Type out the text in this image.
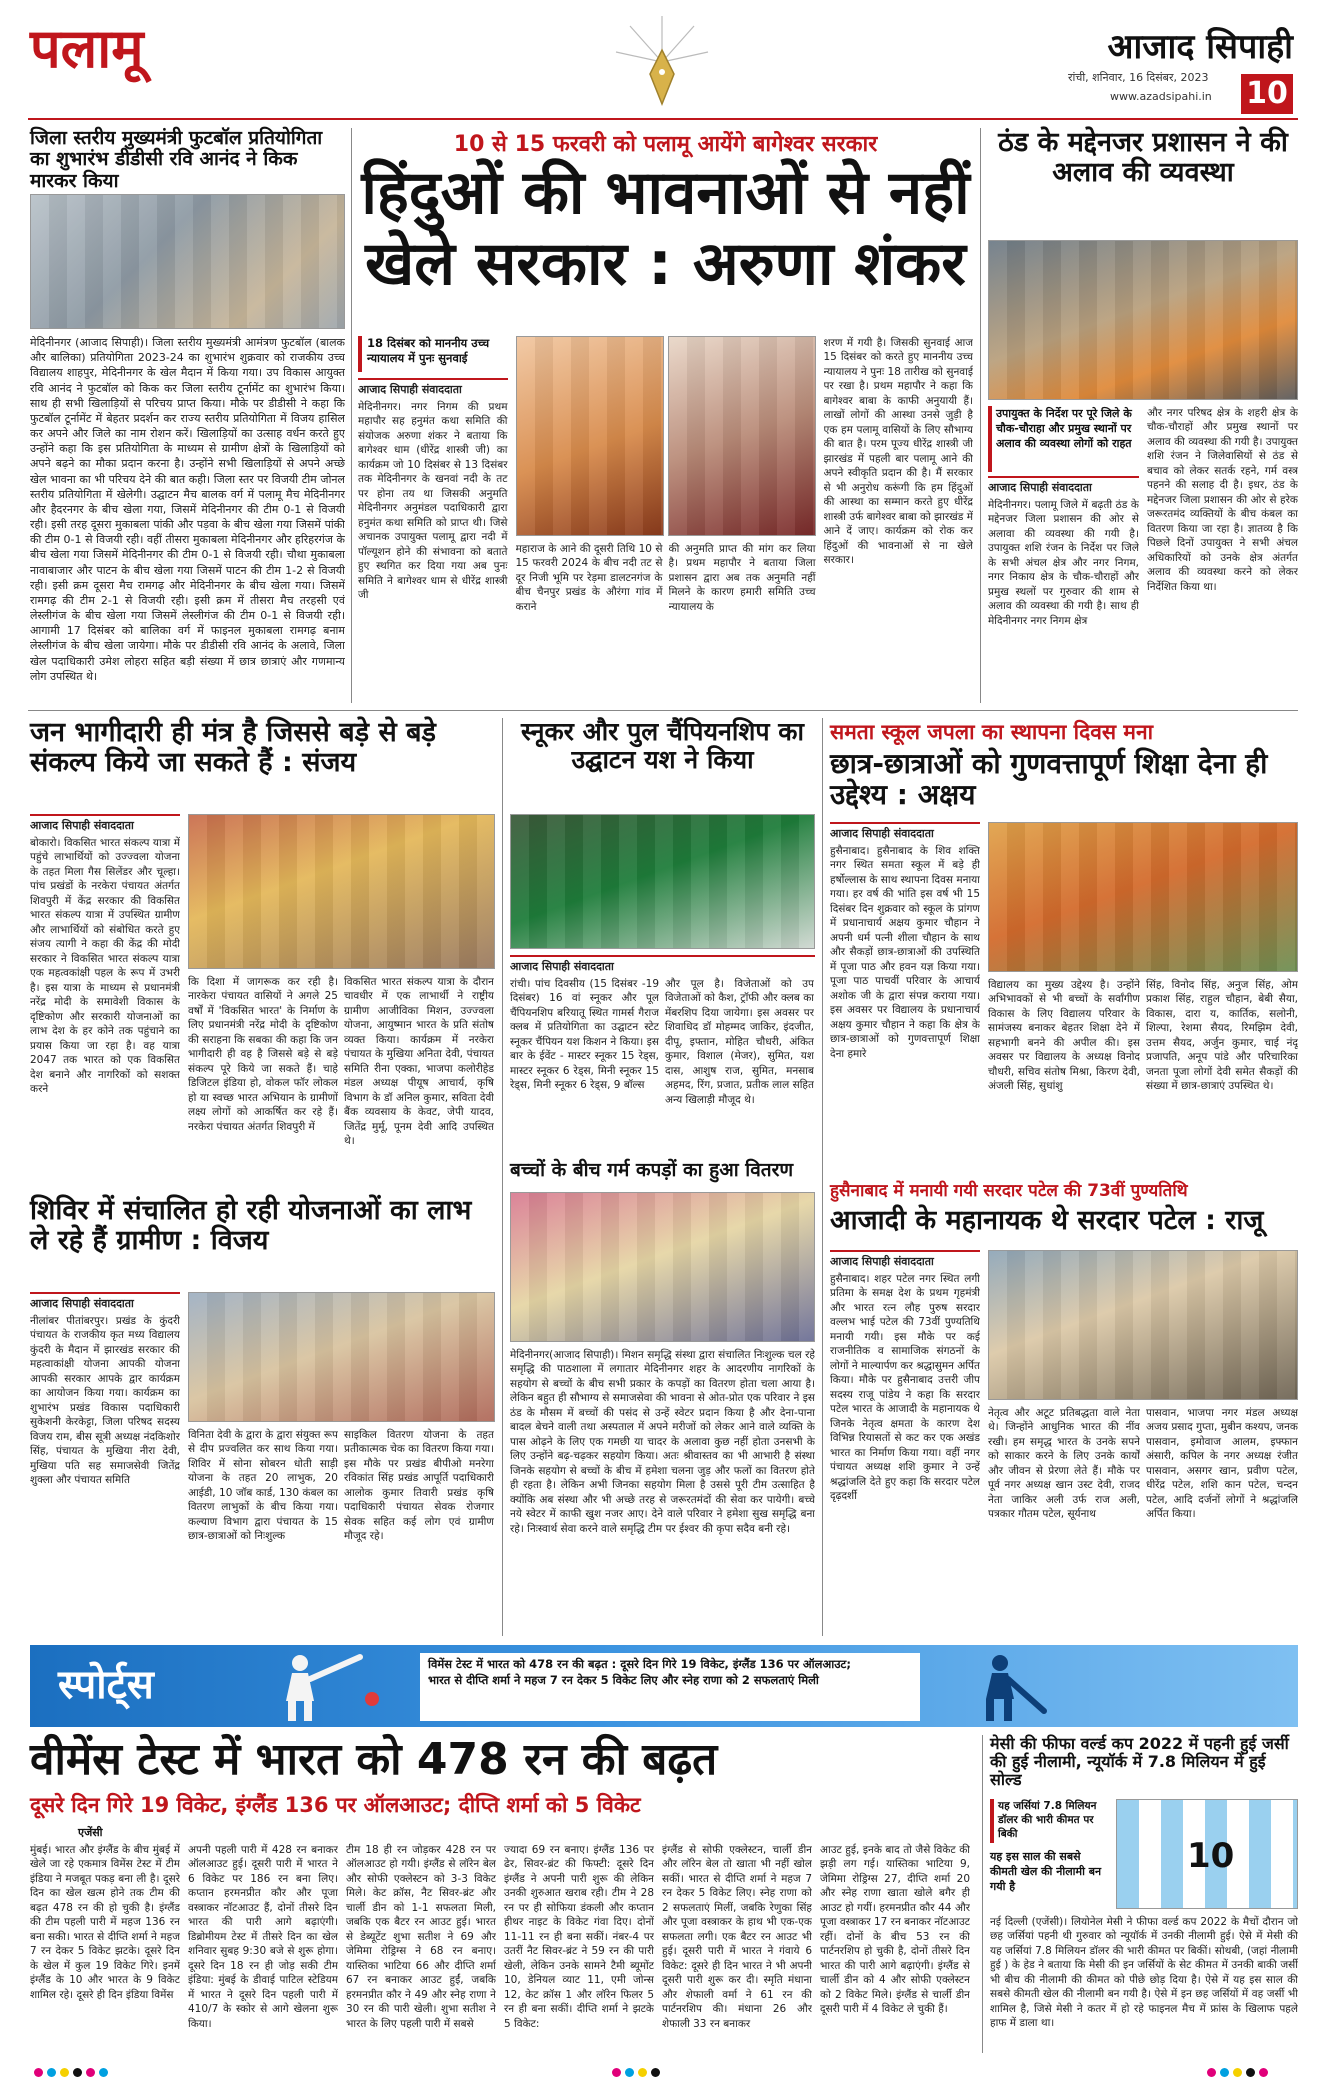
पलामू	आजाद सिपाही
रांची, शनिवार, 16 दिसंबर, 2023
www.azadsipahi.in 10
जिला स्तरीय मुख्यमंत्री फुटबॉल प्रतियोगिता का शुभारंभ डीडीसी रवि आनंद ने किक मारकर किया
मेदिनीनगर (आजाद सिपाही)। जिला स्तरीय मुख्यमंत्री आमंत्रण फुटबॉल (बालक और बालिका) प्रतियोगिता 2023-24 का शुभारंभ शुक्रवार को राजकीय उच्च विद्यालय शाहपुर, मेदिनीनगर के खेल मैदान में किया गया। उप विकास आयुक्त रवि आनंद ने फुटबॉल को किक कर जिला स्तरीय टूर्नामेंट का शुभारंभ किया। साथ ही सभी खिलाड़ियों से परिचय प्राप्त किया। मौके पर डीडीसी ने कहा कि फुटबॉल टूर्नामेंट में बेहतर प्रदर्शन कर राज्य स्तरीय प्रतियोगिता में विजय हासिल कर अपने और जिले का नाम रोशन करें। खिलाड़ियों का उत्साह वर्धन करते हुए उन्होंने कहा कि इस प्रतियोगिता के माध्यम से ग्रामीण क्षेत्रों के खिलाड़ियों को अपने बढ़ने का मौका प्रदान करना है। उन्होंने सभी खिलाड़ियों से अपने अच्छे खेल भावना का भी परिचय देने की बात कही। जिला स्तर पर विजयी टीम जोनल स्तरीय प्रतियोगिता में खेलेगी। उद्घाटन मैच बालक वर्ग में पलामू मैच मेदिनीनगर और हैदरनगर के बीच खेला गया, जिसमें मेदिनीनगर की टीम 0-1 से विजयी रही। इसी तरह दूसरा मुकाबला पांकी और पड़वा के बीच खेला गया जिसमें पांकी की टीम 0-1 से विजयी रही। वहीं तीसरा मुकाबला मेदिनीनगर और हरिहरगंज के बीच खेला गया जिसमें मेदिनीनगर की टीम 0-1 से विजयी रही। चौथा मुकाबला नावाबाजार और पाटन के बीच खेला गया जिसमें पाटन की टीम 1-2 से विजयी रही। इसी क्रम दूसरा मैच रामगढ़ और मेदिनीनगर के बीच खेला गया। जिसमें रामगढ़ की टीम 2-1 से विजयी रही। इसी क्रम में तीसरा मैच तरहसी एवं लेस्लीगंज के बीच खेला गया जिसमें लेस्लीगंज की टीम 0-1 से विजयी रही। आगामी 17 दिसंबर को बालिका वर्ग में फाइनल मुकाबला रामगढ़ बनाम लेस्लीगंज के बीच खेला जायेगा। मौके पर डीडीसी रवि आनंद के अलावे, जिला खेल पदाधिकारी उमेश लोहरा सहित बड़ी संख्या में छात्र छात्राएं और गणमान्य लोग उपस्थित थे।
10 से 15 फरवरी को पलामू आयेंगे बागेश्वर सरकार
हिंदुओं की भावनाओं से नहीं खेले सरकार : अरुणा शंकर
18 दिसंबर को माननीय उच्च न्यायालय में पुनः सुनवाई
आजाद सिपाही संवाददाता
मेदिनीनगर। नगर निगम की प्रथम महापौर सह हनुमंत कथा समिति की संयोजक अरुणा शंकर ने बताया कि बागेश्वर धाम (धीरेंद्र शास्त्री जी) का कार्यक्रम जो 10 दिसंबर से 13 दिसंबर तक मेदिनीनगर के खनवां नदी के तट पर होना तय था जिसकी अनुमति मेदिनीनगर अनुमंडल पदाधिकारी द्वारा हनुमंत कथा समिति को प्राप्त थी। जिसे अचानक उपायुक्त पलामू द्वारा नदी में पॉल्यूशन होने की संभावना को बताते हुए स्थगित कर दिया गया अब पुनः समिति ने बागेश्वर धाम से धीरेंद्र शास्त्री जी
महाराज के आने की दूसरी तिथि 10 से 15 फरवरी 2024 के बीच नदी तट से दूर निजी भूमि पर रेड़मा डालटनगंज के बीच चैनपुर प्रखंड के औरंगा गांव में कराने
की अनुमति प्राप्त की मांग कर लिया है। प्रथम महापौर ने बताया जिला प्रशासन द्वारा अब तक अनुमति नहीं मिलने के कारण हमारी समिति उच्च न्यायालय के
शरण में गयी है। जिसकी सुनवाई आज 15 दिसंबर को करते हुए माननीय उच्च न्यायालय ने पुनः 18 तारीख को सुनवाई पर रखा है। प्रथम महापौर ने कहा कि बागेश्वर बाबा के काफी अनुयायी हैं। लाखों लोगों की आस्था उनसे जुड़ी है एक हम पलामू वासियों के लिए सौभाग्य की बात है। परम पूज्य धीरेंद्र शास्त्री जी झारखंड में पहली बार पलामू आने की अपने स्वीकृति प्रदान की है। मैं सरकार से भी अनुरोध करूंगी कि हम हिंदुओं की आस्था का सम्मान करते हुए धीरेंद्र शास्त्री उर्फ बागेश्वर बाबा को झारखंड में आने दें जाए। कार्यक्रम को रोक कर हिंदुओं की भावनाओं से ना खेले सरकार।
ठंड के मद्देनजर प्रशासन ने की अलाव की व्यवस्था
उपायुक्त के निर्देश पर पूरे जिले के चौक-चौराहा और प्रमुख स्थानों पर अलाव की व्यवस्था लोगों को राहत
आजाद सिपाही संवाददाता
मेदिनीनगर। पलामू जिले में बढ़ती ठंड के मद्देनजर जिला प्रशासन की ओर से अलावा की व्यवस्था की गयी है। उपायुक्त शशि रंजन के निर्देश पर जिले के सभी अंचल क्षेत्र और नगर निगम, नगर निकाय क्षेत्र के चौक-चौराहों और प्रमुख स्थलों पर गुरुवार की शाम से अलाव की व्यवस्था की गयी है। साथ ही मेदिनीनगर नगर निगम क्षेत्र
और नगर परिषद क्षेत्र के शहरी क्षेत्र के चौक-चौराहों और प्रमुख स्थानों पर अलाव की व्यवस्था की गयी है। उपायुक्त शशि रंजन ने जिलेवासियों से ठंड से बचाव को लेकर सतर्क रहने, गर्म वस्त्र पहनने की सलाह दी है। इधर, ठंड के मद्देनजर जिला प्रशासन की ओर से हरेक जरूरतमंद व्यक्तियों के बीच कंबल का वितरण किया जा रहा है। ज्ञातव्य है कि पिछले दिनों उपायुक्त ने सभी अंचल अधिकारियों को उनके क्षेत्र अंतर्गत अलाव की व्यवस्था करने को लेकर निर्देशित किया था।
जन भागीदारी ही मंत्र है जिससे बड़े से बड़े संकल्प किये जा सकते हैं : संजय
आजाद सिपाही संवाददाता
बोकारो। विकसित भारत संकल्प यात्रा में पहुंचे लाभार्थियों को उज्ज्वला योजना के तहत मिला गैस सिलेंडर और चूल्हा। पांच प्रखंडों के नरकेरा पंचायत अंतर्गत शिवपुरी में केंद्र सरकार की विकसित भारत संकल्प यात्रा में उपस्थित ग्रामीण और लाभार्थियों को संबोधित करते हुए संजय त्यागी ने कहा की केंद्र की मोदी सरकार ने विकसित भारत संकल्प यात्रा एक महत्वकांक्षी पहल के रूप में उभरी है। इस यात्रा के माध्यम से प्रधानमंत्री नरेंद्र मोदी के समावेशी विकास के दृष्टिकोण और सरकारी योजनाओं का लाभ देश के हर कोने तक पहुंचाने का प्रयास किया जा रहा है। वह यात्रा 2047 तक भारत को एक विकसित देश बनाने और नागरिकों को सशक्त करने
कि दिशा में जागरूक कर रही है। नारकेरा पंचायत वासियों ने अगले 25 वर्षों में 'विकसित भारत' के निर्माण के लिए प्रधानमंत्री नरेंद्र मोदी के दृष्टिकोण की सराहना कि सबका की कहा कि जन भागीदारी ही वह है जिससे बड़े से बड़े संकल्प पूरे किये जा सकते हैं। चाहे डिजिटल इंडिया हो, वोकल फॉर लोकल हो या स्वच्छ भारत अभियान के ग्रामीणों लक्ष्य लोगों को आकर्षित कर रहे हैं। नरकेरा पंचायत अंतर्गत शिवपुरी में
विकसित भारत संकल्प यात्रा के दौरान चावधीर में एक लाभार्थी ने राष्ट्रीय ग्रामीण आजीविका मिशन, उज्ज्वला योजना, आयुष्मान भारत के प्रति संतोष व्यक्त किया। कार्यक्रम में नरकेरा पंचायत के मुखिया अनिता देवी, पंचायत समिति रीना एक्का, भाजपा कलोरीहेड मंडल अध्यक्ष पीयूष आचार्य, कृषि विभाग के डॉ अनिल कुमार, सविता देवी बैंक व्यवसाय के केवट, जेपी यादव, जितेंद्र मुर्मू, पूनम देवी आदि उपस्थित थे।
शिविर में संचालित हो रही योजनाओं का लाभ ले रहे हैं ग्रामीण : विजय
आजाद सिपाही संवाददाता
नीलांबर पीतांबरपुर। प्रखंड के कुंदरी पंचायत के राजकीय कृत मध्य विद्यालय कुंदरी के मैदान में झारखंड सरकार की महत्वाकांक्षी योजना आपकी योजना आपकी सरकार आपके द्वार कार्यक्रम का आयोजन किया गया। कार्यक्रम का शुभारंभ प्रखंड विकास पदाधिकारी सुकेशनी केरकेट्टा, जिला परिषद सदस्य विजय राम, बीस सूत्री अध्यक्ष नंदकिशोर सिंह, पंचायत के मुखिया नीरा देवी, मुखिया पति सह समाजसेवी जितेंद्र शुक्ला और पंचायत समिति
विनिता देवी के द्वारा के द्वारा संयुक्त रूप से दीप प्रज्वलित कर साथ किया गया। शिविर में सोना सोबरन धोती साड़ी योजना के तहत 20 लाभुक, 20 आईडी, 10 जॉब कार्ड, 130 कंबल का वितरण लाभुकों के बीच किया गया। कल्याण विभाग द्वारा पंचायत के 15 छात्र-छात्राओं को निःशुल्क
साइकिल वितरण योजना के तहत प्रतीकात्मक चेक का वितरण किया गया। इस मौके पर प्रखंड बीपीओ मनरेगा रविकांत सिंह प्रखंड आपूर्ति पदाधिकारी आलोक कुमार तिवारी प्रखंड कृषि पदाधिकारी पंचायत सेवक रोजगार सेवक सहित कई लोग एवं ग्रामीण मौजूद रहे।
स्नूकर और पुल चैंपियनशिप का उद्घाटन यश ने किया
आजाद सिपाही संवाददाता
रांची। पांच दिवसीय (15 दिसंबर -19 दिसंबर) 16 वां स्नूकर और पूल चैंपियनशिप बरियातू स्थित गामर्स गैराज क्लब में प्रतियोगिता का उद्घाटन स्टेट स्नूकर चैंपियन यश किशन ने किया। इस बार के ईवेंट - मास्टर स्नूकर 15 रेड्स, मास्टर स्नूकर 6 रेड्स, मिनी स्नूकर 15 रेड्स, मिनी स्नूकर 6 रेड्स, 9 बॉल्स
और पूल है। विजेताओं को उप विजेताओं को कैश, ट्रॉफी और क्लब का मेंबरशिप दिया जायेगा। इस अवसर पर शिवाधिद डॉ मोहम्मद जाकिर, इंदजीत, दीपू, इफ्तान, मोहित चौधरी, अंकित कुमार, विशाल (मेजर), सुमित, यश दास, आशुष राज, सुमित, मनसाब अहमद, रिंग, प्रजात, प्रतीक लाल सहित अन्य खिलाड़ी मौजूद थे।
बच्चों के बीच गर्म कपड़ों का हुआ वितरण
मेदिनीनगर(आजाद सिपाही)। मिशन समृद्धि संस्था द्वारा संचालित निःशुल्क चल रहे समृद्धि की पाठशाला में लगातार मेदिनीनगर शहर के आदरणीय नागरिकों के सहयोग से बच्चों के बीच सभी प्रकार के कपड़ों का वितरण होता चला आया है। लेकिन बहुत ही सौभाग्य से समाजसेवा की भावना से ओत-प्रोत एक परिवार ने इस ठंड के मौसम में बच्चों की पसंद से उन्हें स्वेटर प्रदान किया है और देना-पाना बादल बेचने वाली तथा अस्पताल में अपने मरीजों को लेकर आने वाले व्यक्ति के पास ओढ़ने के लिए एक गमछी या चादर के अलावा कुछ नहीं होता उनसभी के लिए उन्होंने बढ़-चढ़कर सहयोग किया। अतः श्रीवास्तव का भी आभारी है संस्था जिनके सहयोग से बच्चों के बीच में हमेशा चलना जुड़ और फलों का वितरण होते ही रहता है। लेकिन अभी जिनका सहयोग मिला है उससे पूरी टीम उत्साहित है क्योंकि अब संस्था और भी अच्छे तरह से जरूरतमंदों की सेवा कर पायेगी। बच्चे नये स्वेटर में काफी खुश नजर आए। देने वाले परिवार ने हमेशा सुख समृद्धि बना रहे। निःस्वार्थ सेवा करने वाले समृद्धि टीम पर ईश्वर की कृपा सदैव बनी रहे।
समता स्कूल जपला का स्थापना दिवस मना
छात्र-छात्राओं को गुणवत्तापूर्ण शिक्षा देना ही उद्देश्य : अक्षय
आजाद सिपाही संवाददाता
हुसैनाबाद। हुसैनाबाद के शिव शक्ति नगर स्थित समता स्कूल में बड़े ही हर्षोल्लास के साथ स्थापना दिवस मनाया गया। हर वर्ष की भांति इस वर्ष भी 15 दिसंबर दिन शुक्रवार को स्कूल के प्रांगण में प्रधानाचार्य अक्षय कुमार चौहान ने अपनी धर्म पत्नी शीला चौहान के साथ और सैकड़ों छात्र-छात्राओं की उपस्थिति में पूजा पाठ और हवन यज्ञ किया गया। पूजा पाठ पाचवीं परिवार के आचार्य अशोक जी के द्वारा संपन्न कराया गया। इस अवसर पर विद्यालय के प्रधानाचार्य अक्षय कुमार चौहान ने कहा कि क्षेत्र के छात्र-छात्राओं को गुणवत्तापूर्ण शिक्षा देना हमारे
विद्यालय का मुख्य उद्देश्य है। उन्होंने अभिभावकों से भी बच्चों के सर्वांगीण विकास के लिए विद्यालय परिवार के सामंजस्य बनाकर बेहतर शिक्षा देने में सहभागी बनने की अपील की। इस अवसर पर विद्यालय के अध्यक्ष विनोद चौधरी, सचिव संतोष मिश्रा, किरण देवी, अंजली सिंह, सुधांशु
सिंह, विनोद सिंह, अनुज सिंह, ओम प्रकाश सिंह, राहुल चौहान, बेबी सैया, विकास, दारा य, कार्तिक, सलोनी, शिल्पा, रेशमा सैयद, रिमझिम देवी, उत्तम सैयद, अर्जुन कुमार, चाई नंदू प्रजापति, अनूप पांडे और परिचारिका जनता पूजा लोगों देवी समेत सैकड़ों की संख्या में छात्र-छात्राएं उपस्थित थे।
हुसैनाबाद में मनायी गयी सरदार पटेल की 73वीं पुण्यतिथि
आजादी के महानायक थे सरदार पटेल : राजू
आजाद सिपाही संवाददाता
हुसैनाबाद। शहर पटेल नगर स्थित लगी प्रतिमा के समक्ष देश के प्रथम गृहमंत्री और भारत रत्न लौह पुरुष सरदार वल्लभ भाई पटेल की 73वीं पुण्यतिथि मनायी गयी। इस मौके पर कई राजनीतिक व सामाजिक संगठनों के लोगों ने माल्यार्पण कर श्रद्धासुमन अर्पित किया। मौके पर हुसैनाबाद उत्तरी जीप सदस्य राजू पांडेय ने कहा कि सरदार पटेल भारत के आजादी के महानायक थे जिनके नेतृत्व क्षमता के कारण देश विभिन्न रियासतों से कट कर एक अखंड भारत का निर्माण किया गया। वहीं नगर पंचायत अध्यक्ष शशि कुमार ने उन्हें श्रद्धांजलि देते हुए कहा कि सरदार पटेल दृढ़दर्शी
नेतृत्व और अटूट प्रतिबद्धता वाले नेता थे। जिन्होंने आधुनिक भारत की नींव रखी। हम समृद्ध भारत के उनके सपने को साकार करने के लिए उनके कार्यों और जीवन से प्रेरणा लेते हैं। मौके पर पूर्व नगर अध्यक्ष खान उस्ट देवी, राजद नेता जाकिर अली उर्फ राज अली, पत्रकार गौतम पटेल, सूर्यनाथ
पासवान, भाजपा नगर मंडल अध्यक्ष अजय प्रसाद गुप्ता, मुबीन कश्यप, जनक पासवान, इमोवाज आलम, इफ्फान अंसारी, कपिल के नगर अध्यक्ष रंजीत पासवान, असगर खान, प्रवीण पटेल, धीरेंद्र पटेल, शशि कान पटेल, चन्दन पटेल, आदि दर्जनों लोगों ने श्रद्धांजलि अर्पित किया।
स्पोर्ट्स	विमेंस टेस्ट में भारत को 478 रन की बढ़त : दूसरे दिन गिरे 19 विकेट, इंग्लैंड 136 पर ऑलआउट;
भारत से दीप्ति शर्मा ने महज 7 रन देकर 5 विकेट लिए और स्नेह राणा को 2 सफलताएं मिली
वीमेंस टेस्ट में भारत को 478 रन की बढ़त
दूसरे दिन गिरे 19 विकेट, इंग्लैंड 136 पर ऑलआउट; दीप्ति शर्मा को 5 विकेट
एजेंसी
मुंबई। भारत और इंग्लैंड के बीच मुंबई में खेले जा रहे एकमात्र विमेंस टेस्ट में टीम इंडिया ने मजबूत पकड़ बना ली है। दूसरे दिन का खेल खत्म होने तक टीम की बढ़त 478 रन की हो चुकी है। इंग्लैंड की टीम पहली पारी में महज 136 रन बना सकी। भारत से दीप्ति शर्मा ने महज 7 रन देकर 5 विकेट झटके। दूसरे दिन के खेल में कुल 19 विकेट गिरे। इनमें इंग्लैंड के 10 और भारत के 9 विकेट शामिल रहे। दूसरे ही दिन इंडिया विमेंस
अपनी पहली पारी में 428 रन बनाकर ऑलआउट हुई। दूसरी पारी में भारत ने 6 विकेट पर 186 रन बना लिए। कप्तान हरमनप्रीत कौर और पूजा वस्त्राकर नॉटआउट हैं, दोनों तीसरे दिन भारत की पारी आगे बढ़ाएंगी। डिब्रोमीयम टेस्ट में तीसरे दिन का खेल शनिवार सुबह 9:30 बजे से शुरू होगा। दूसरे दिन 18 रन ही जोड़ सकी टीम इंडिया: मुंबई के डीवाई पाटिल स्टेडियम में भारत ने दूसरे दिन पहली पारी में 410/7 के स्कोर से आगे खेलना शुरू किया।
टीम 18 ही रन जोड़कर 428 रन पर ऑलआउट हो गयी। इंग्लैंड से लॉरेन बेल और सोफी एक्लेस्टन को 3-3 विकेट मिले। केट क्रॉस, नैट सिवर-ब्रंट और चार्ली डीन को 1-1 सफलता मिली, जबकि एक बैटर रन आउट हुई। भारत से डेब्यूटेंट शुभा सतीश ने 69 और जेमिमा रोड्रिग्स ने 68 रन बनाए। यास्तिका भाटिया 66 और दीप्ति शर्मा 67 रन बनाकर आउट हुईं, जबकि हरमनप्रीत कौर ने 49 और स्नेह राणा ने 30 रन की पारी खेली। शुभा सतीश ने भारत के लिए पहली पारी में सबसे
ज्यादा 69 रन बनाए। इंग्लैंड 136 पर ढेर, सिवर-ब्रंट की फिफ्टी: दूसरे दिन इंग्लैंड ने अपनी पारी शुरू की लेकिन उनकी शुरुआत खराब रही। टीम ने 28 रन पर ही सोफिया डंकली और कप्तान हीथर नाइट के विकेट गंवा दिए। दोनों 11-11 रन ही बना सकीं। नंबर-4 पर उतरीं नैट सिवर-ब्रंट ने 59 रन की पारी खेली, लेकिन उनके सामने टैमी ब्यूमोंट 10, डेनियल व्याट 11, एमी जोन्स 12, केट क्रॉस 1 और लॉरेन फिलर 5 रन ही बना सकीं। दीप्ति शर्मा ने झटके 5 विकेट:
इंग्लैंड से सोफी एक्लेस्टन, चार्ली डीन और लॉरेन बेल तो खाता भी नहीं खोल सकीं। भारत से दीप्ति शर्मा ने महज 7 रन देकर 5 विकेट लिए। स्नेह राणा को 2 सफलताएं मिलीं, जबकि रेणुका सिंह और पूजा वस्त्राकर के हाथ भी एक-एक सफलता लगी। एक बैटर रन आउट भी हुई। दूसरी पारी में भारत ने गंवाये 6 विकेट: दूसरे ही दिन भारत ने भी अपनी दूसरी पारी शुरू कर दी। स्मृति मंधाना और शेफाली वर्मा ने 61 रन की पार्टनरशिप की। मंधाना 26 और शेफाली 33 रन बनाकर
आउट हुई, इनके बाद तो जैसे विकेट की झड़ी लग गई। यास्तिका भाटिया 9, जेमिमा रोड्रिग्स 27, दीप्ति शर्मा 20 और स्नेह राणा खाता खोले बगैर ही आउट हो गयीं। हरमनप्रीत कौर 44 और पूजा वस्त्राकर 17 रन बनाकर नॉटआउट रहीं। दोनों के बीच 53 रन की पार्टनरशिप हो चुकी है, दोनों तीसरे दिन भारत की पारी आगे बढ़ाएंगी। इंग्लैंड से चार्ली डीन को 4 और सोफी एक्लेस्टन को 2 विकेट मिले। इंग्लैंड से चार्ली डीन दूसरी पारी में 4 विकेट ले चुकी हैं।
मेसी की फीफा वर्ल्ड कप 2022 में पहनी हुई जर्सी की हुई नीलामी, न्यूयॉर्क में 7.8 मिलियन में हुई सोल्ड
यह जर्सियां 7.8 मिलियन डॉलर की भारी कीमत पर बिकी
यह इस साल की सबसे कीमती खेल की नीलामी बन गयी है
10
नई दिल्ली (एजेंसी)। लियोनेल मेसी ने फीफा वर्ल्ड कप 2022 के मैचों दौरान जो छह जर्सियां पहनी थी गुरुवार को न्यूयॉर्क में उनकी नीलामी हुई। ऐसे में मेसी की यह जर्सियां 7.8 मिलियन डॉलर की भारी कीमत पर बिकीं। सोथबी, (जहां नीलामी हुई ) के हेड ने बताया कि मेसी की इन जर्सियों के सेट कीमत में उनकी बाकी जर्सी भी बीच की नीलामी की कीमत को पीछे छोड़ दिया है। ऐसे में यह इस साल की सबसे कीमती खेल की नीलामी बन गयी है। ऐसे में इन छह जर्सियों में वह जर्सी भी शामिल है, जिसे मेसी ने कतर में हो रहे फाइनल मैच में फ्रांस के खिलाफ पहले हाफ में डाला था।
